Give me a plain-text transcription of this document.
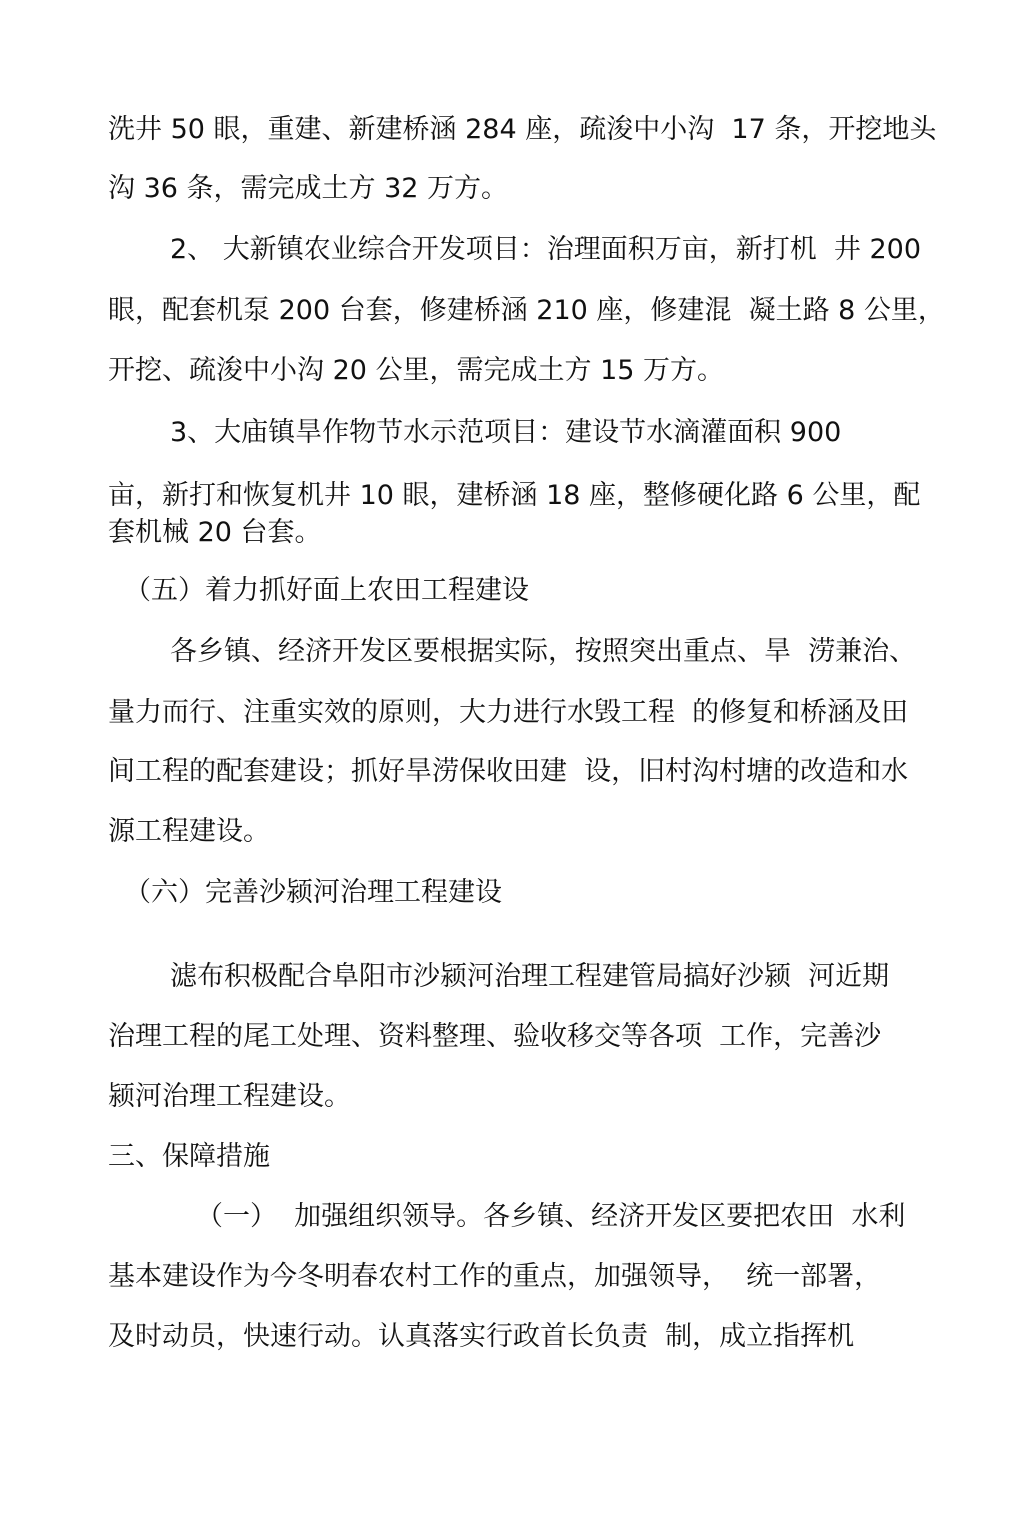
洗井 50 眼，重建、新建桥涵 284 座，疏浚中小沟  17 条，开挖地头
沟 36 条，需完成土方 32 万方。
2、 大新镇农业综合开发项目：治理面积万亩，新打机  井 200
眼，配套机泵 200 台套，修建桥涵 210 座，修建混  凝土路 8 公里，
开挖、疏浚中小沟 20 公里，需完成土方 15 万方。
3、大庙镇旱作物节水示范项目：建设节水滴灌面积 900
亩，新打和恢复机井 10 眼，建桥涵 18 座，整修硬化路 6 公里，配
套机械 20 台套。
（五）着力抓好面上农田工程建设
各乡镇、经济开发区要根据实际，按照突出重点、旱  涝兼治、
量力而行、注重实效的原则，大力进行水毁工程  的修复和桥涵及田
间工程的配套建设；抓好旱涝保收田建  设，旧村沟村塘的改造和水
源工程建设。
（六）完善沙颍河治理工程建设
滤布积极配合阜阳市沙颍河治理工程建管局搞好沙颍  河近期
治理工程的尾工处理、资料整理、验收移交等各项  工作，完善沙
颍河治理工程建设。
三、保障措施
（一）  加强组织领导。各乡镇、经济开发区要把农田  水利
基本建设作为今冬明春农村工作的重点，加强领导，  统一部署，
及时动员，快速行动。认真落实行政首长负责  制，成立指挥机
